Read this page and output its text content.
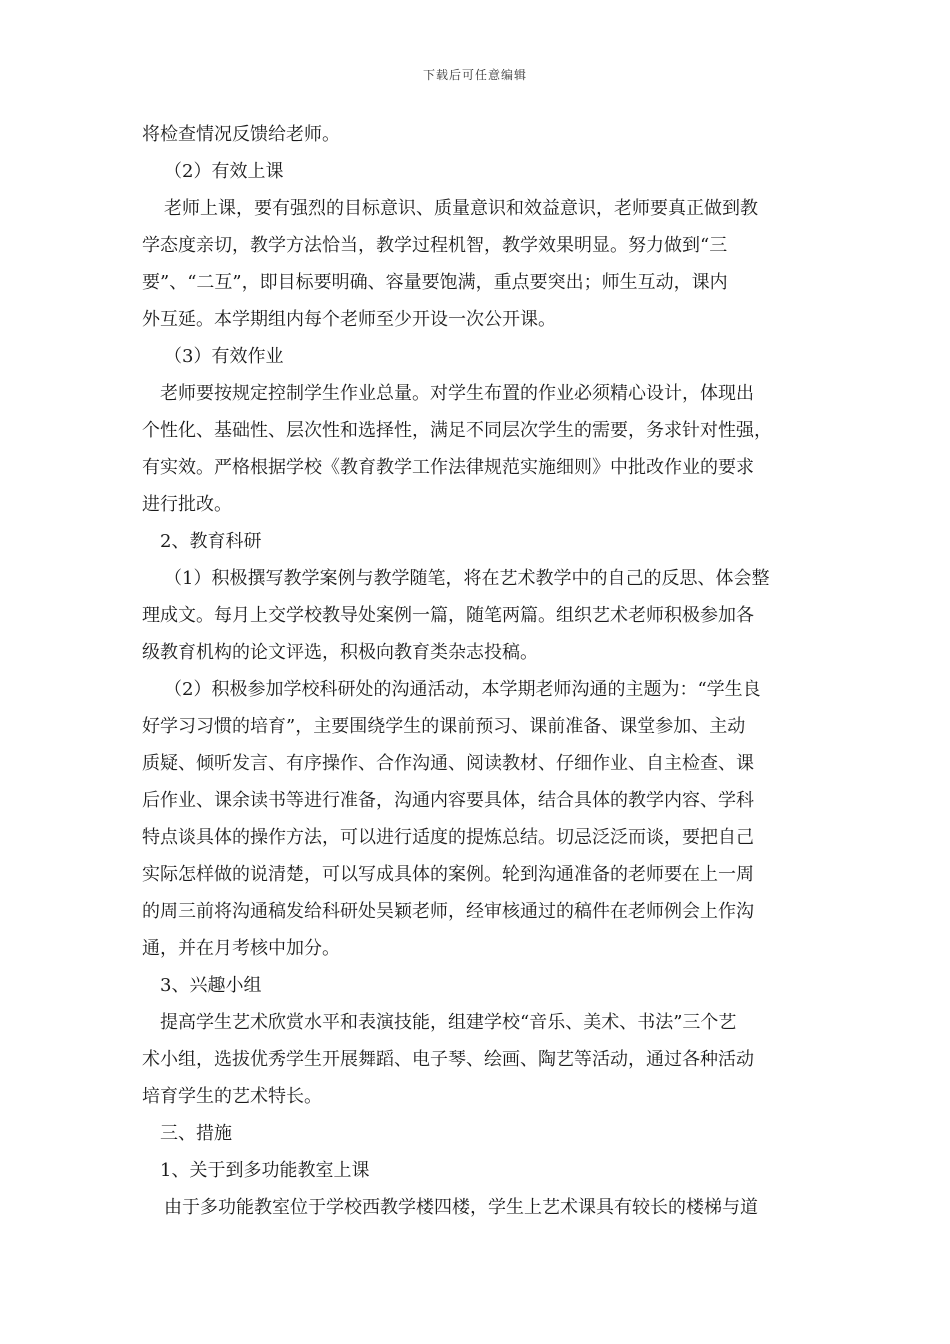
下载后可任意编辑
将检查情况反馈给老师。
（2）有效上课
老师上课，要有强烈的目标意识、质量意识和效益意识，老师要真正做到教
学态度亲切，教学方法恰当，教学过程机智，教学效果明显。努力做到“三
要”、“二互”，即目标要明确、容量要饱满，重点要突出；师生互动，课内
外互延。本学期组内每个老师至少开设一次公开课。
（3）有效作业
老师要按规定控制学生作业总量。对学生布置的作业必须精心设计，体现出
个性化、基础性、层次性和选择性，满足不同层次学生的需要，务求针对性强，
有实效。严格根据学校《教育教学工作法律规范实施细则》中批改作业的要求
进行批改。
2、教育科研
（1）积极撰写教学案例与教学随笔，将在艺术教学中的自己的反思、体会整
理成文。每月上交学校教导处案例一篇，随笔两篇。组织艺术老师积极参加各
级教育机构的论文评选，积极向教育类杂志投稿。
（2）积极参加学校科研处的沟通活动，本学期老师沟通的主题为：“学生良
好学习习惯的培育”，主要围绕学生的课前预习、课前准备、课堂参加、主动
质疑、倾听发言、有序操作、合作沟通、阅读教材、仔细作业、自主检查、课
后作业、课余读书等进行准备，沟通内容要具体，结合具体的教学内容、学科
特点谈具体的操作方法，可以进行适度的提炼总结。切忌泛泛而谈，要把自己
实际怎样做的说清楚，可以写成具体的案例。轮到沟通准备的老师要在上一周
的周三前将沟通稿发给科研处吴颖老师，经审核通过的稿件在老师例会上作沟
通，并在月考核中加分。
3、兴趣小组
提高学生艺术欣赏水平和表演技能，组建学校“音乐、美术、书法”三个艺
术小组，选拔优秀学生开展舞蹈、电子琴、绘画、陶艺等活动，通过各种活动
培育学生的艺术特长。
三、措施
1、关于到多功能教室上课
由于多功能教室位于学校西教学楼四楼，学生上艺术课具有较长的楼梯与道
